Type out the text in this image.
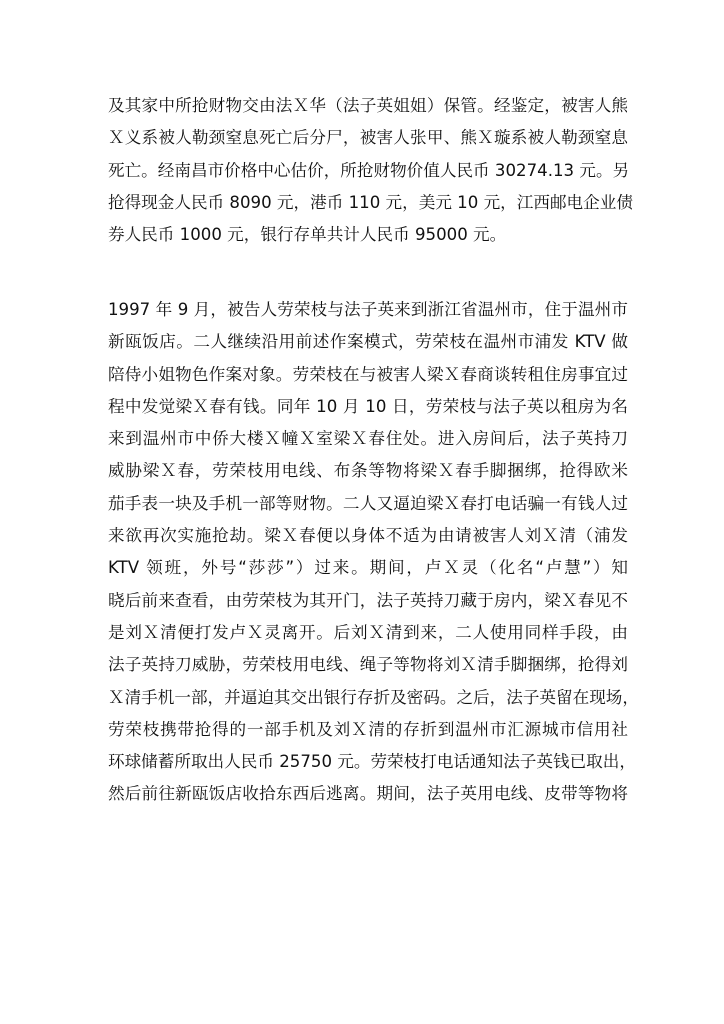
及其家中所抢财物交由法Ｘ华（法子英姐姐）保管。经鉴定，被害人熊
Ｘ义系被人勒颈窒息死亡后分尸，被害人张甲、熊Ｘ璇系被人勒颈窒息
死亡。经南昌市价格中心估价，所抢财物价值人民币 30274.13 元。另
抢得现金人民币 8090 元，港币 110 元，美元 10 元，江西邮电企业债
券人民币 1000 元，银行存单共计人民币 95000 元。
1997 年 9 月，被告人劳荣枝与法子英来到浙江省温州市，住于温州市
新瓯饭店。二人继续沿用前述作案模式，劳荣枝在温州市浦发 KTV 做
陪侍小姐物色作案对象。劳荣枝在与被害人梁Ｘ春商谈转租住房事宜过
程中发觉梁Ｘ春有钱。同年 10 月 10 日，劳荣枝与法子英以租房为名
来到温州市中侨大楼Ｘ幢Ｘ室梁Ｘ春住处。进入房间后，法子英持刀
威胁梁Ｘ春，劳荣枝用电线、布条等物将梁Ｘ春手脚捆绑，抢得欧米
茄手表一块及手机一部等财物。二人又逼迫梁Ｘ春打电话骗一有钱人过
来欲再次实施抢劫。梁Ｘ春便以身体不适为由请被害人刘Ｘ清（浦发
KTV 领班，外号“莎莎”）过来。期间，卢Ｘ灵（化名“卢慧”）知
晓后前来查看，由劳荣枝为其开门，法子英持刀藏于房内，梁Ｘ春见不
是刘Ｘ清便打发卢Ｘ灵离开。后刘Ｘ清到来，二人使用同样手段，由
法子英持刀威胁，劳荣枝用电线、绳子等物将刘Ｘ清手脚捆绑，抢得刘
Ｘ清手机一部，并逼迫其交出银行存折及密码。之后，法子英留在现场，
劳荣枝携带抢得的一部手机及刘Ｘ清的存折到温州市汇源城市信用社
环球储蓄所取出人民币 25750 元。劳荣枝打电话通知法子英钱已取出，
然后前往新瓯饭店收拾东西后逃离。期间，法子英用电线、皮带等物将
